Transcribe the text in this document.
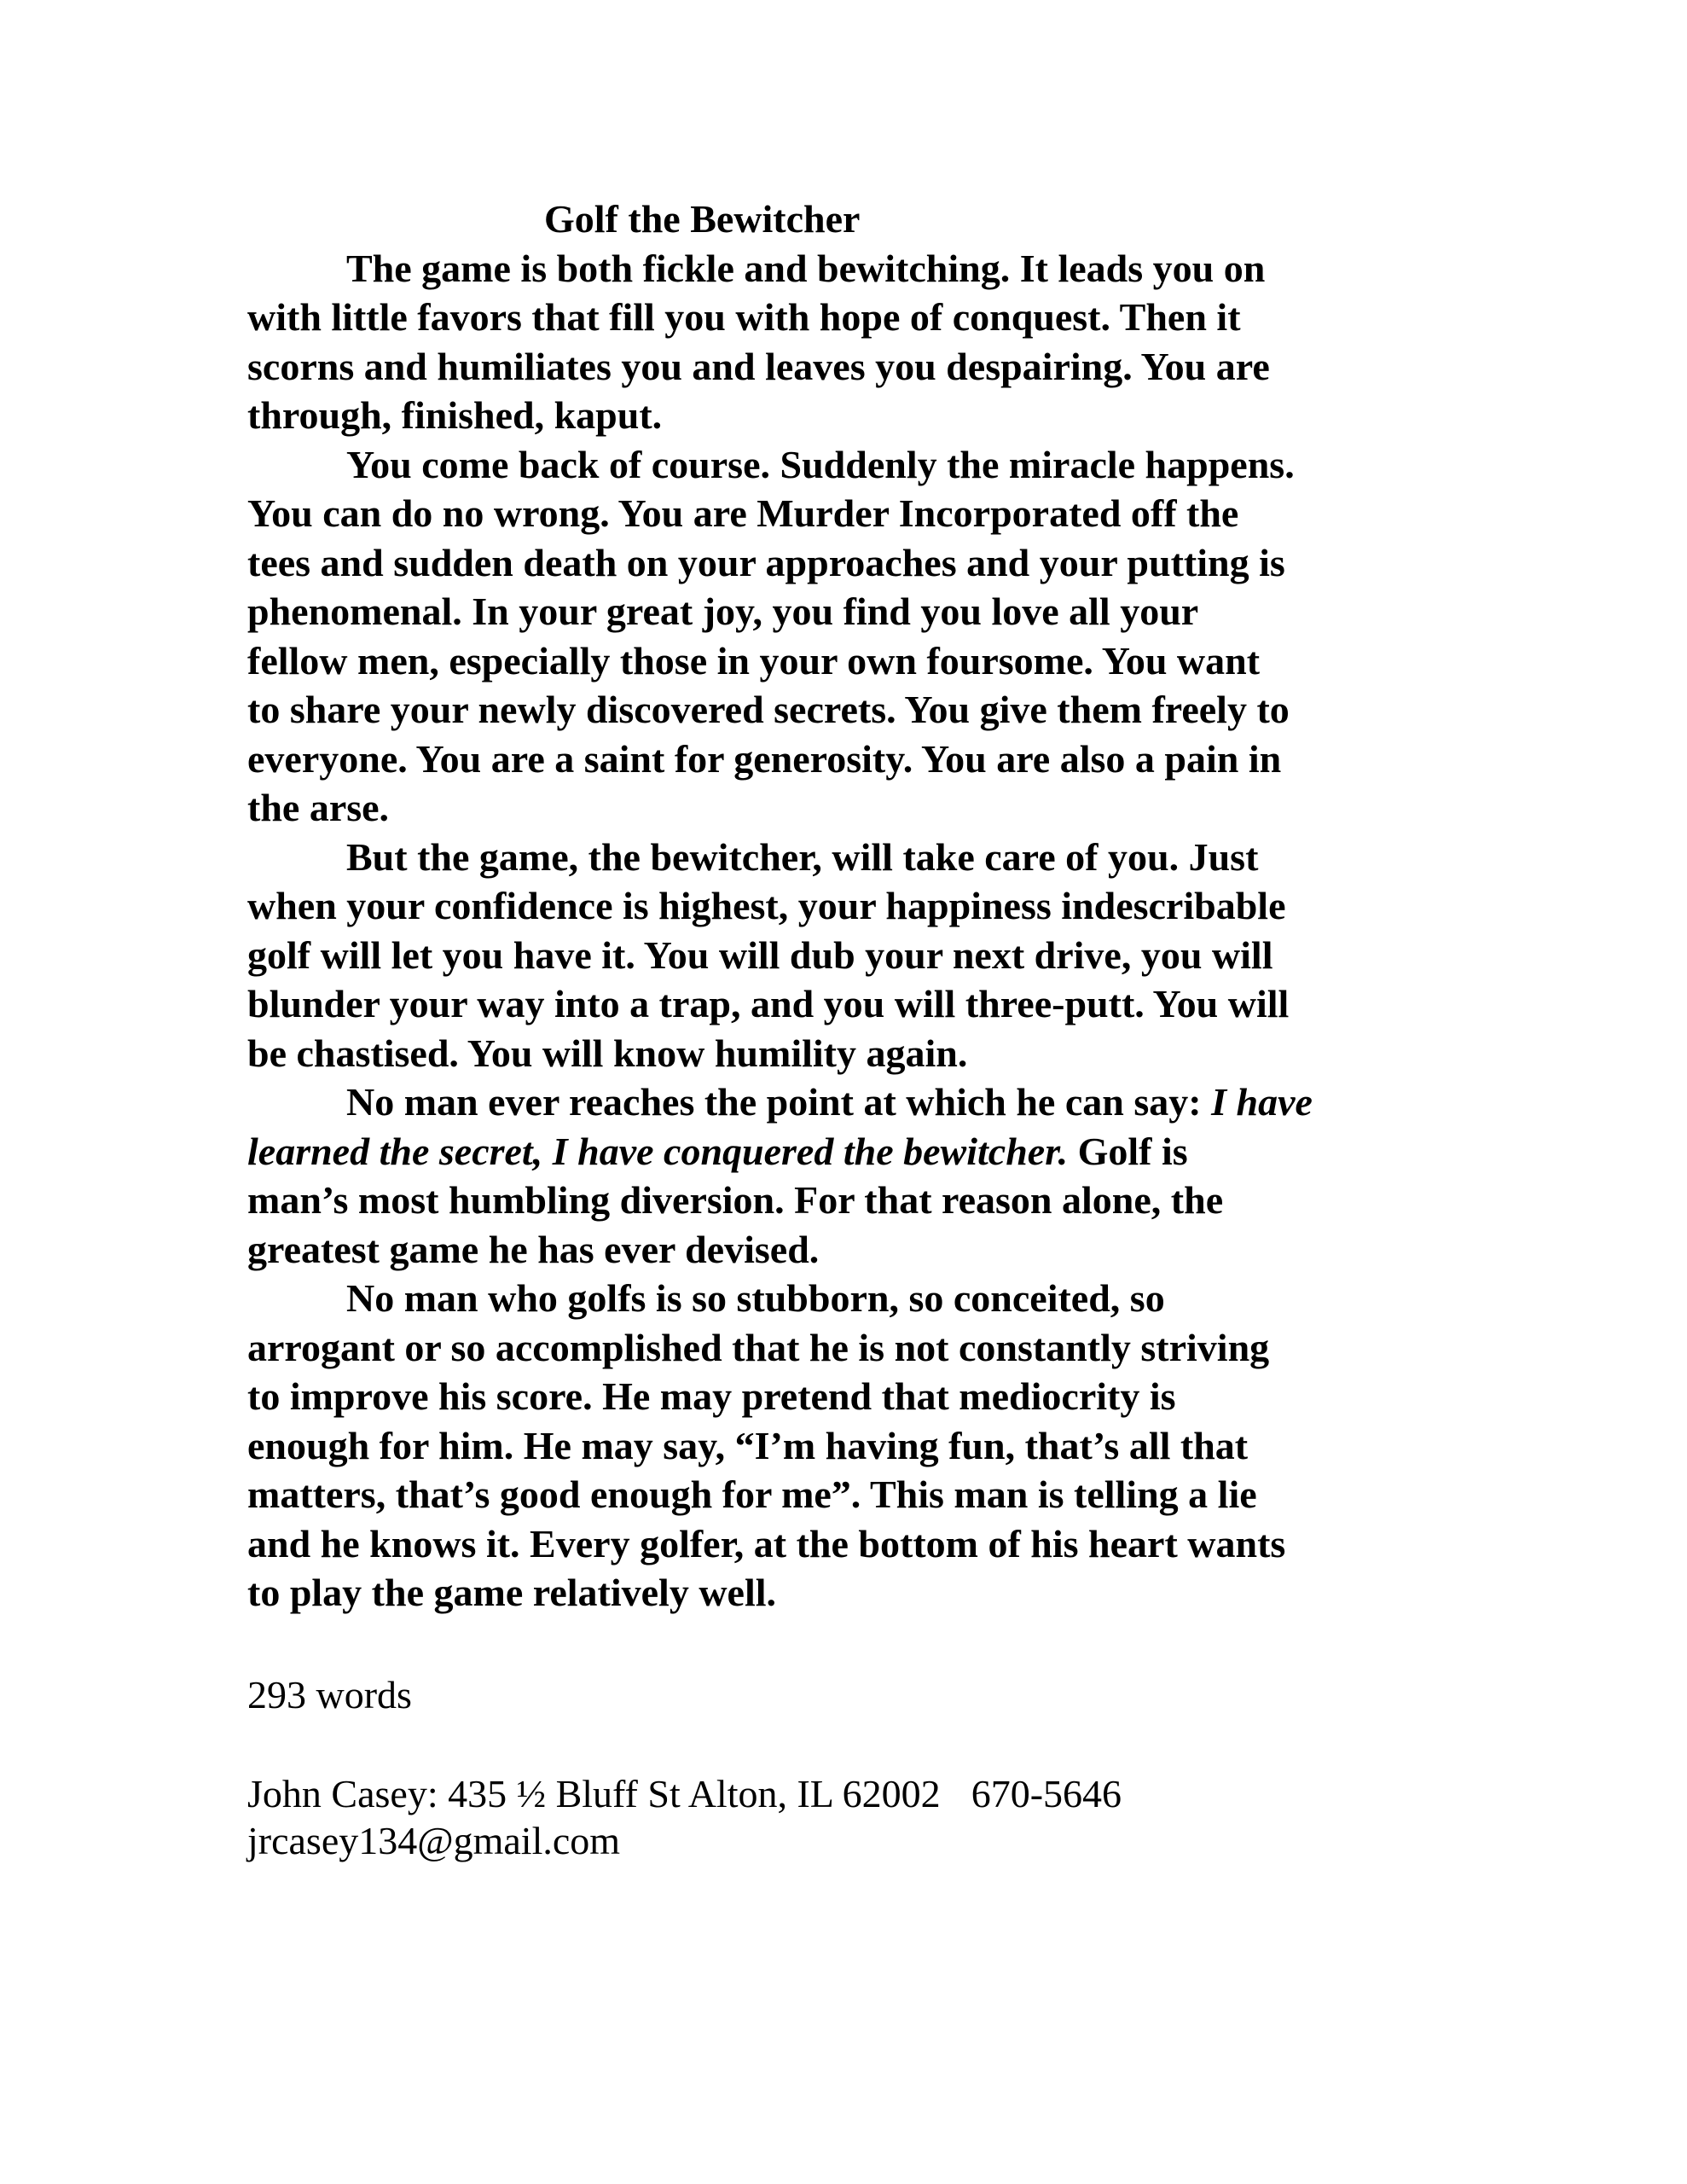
Golf the Bewitcher

The game is both fickle and bewitching. It leads you on
with little favors that fill you with hope of conquest. Then it
scorns and humiliates you and leaves you despairing. You are
through, finished, kaput.

You come back of course. Suddenly the miracle happens.
You can do no wrong. You are Murder Incorporated off the
tees and sudden death on your approaches and your putting is
phenomenal. In your great joy, you find you love all your
fellow men, especially those in your own foursome. You want
to share your newly discovered secrets. You give them freely to
everyone. You are a saint for generosity. You are also a pain in
the arse.

But the game, the bewitcher, will take care of you. Just
when your confidence is highest, your happiness indescribable
golf will let you have it. You will dub your next drive, you will
blunder your way into a trap, and you will three-putt. You will
be chastised. You will know humility again.

No man ever reaches the point at which he can say: I have
learned the secret, I have conquered the bewitcher. Golf is
man’s most humbling diversion. For that reason alone, the
greatest game he has ever devised.

No man who golfs is so stubborn, so conceited, so
arrogant or so accomplished that he is not constantly striving
to improve his score. He may pretend that mediocrity is
enough for him. He may say, “I’m having fun, that’s all that
matters, that’s good enough for me”. This man is telling a lie
and he knows it. Every golfer, at the bottom of his heart wants
to play the game relatively well.

293 words
John Casey: 435 ½ Bluff St Alton, IL 62002 670-5646
jrcasey134@gmail.com
